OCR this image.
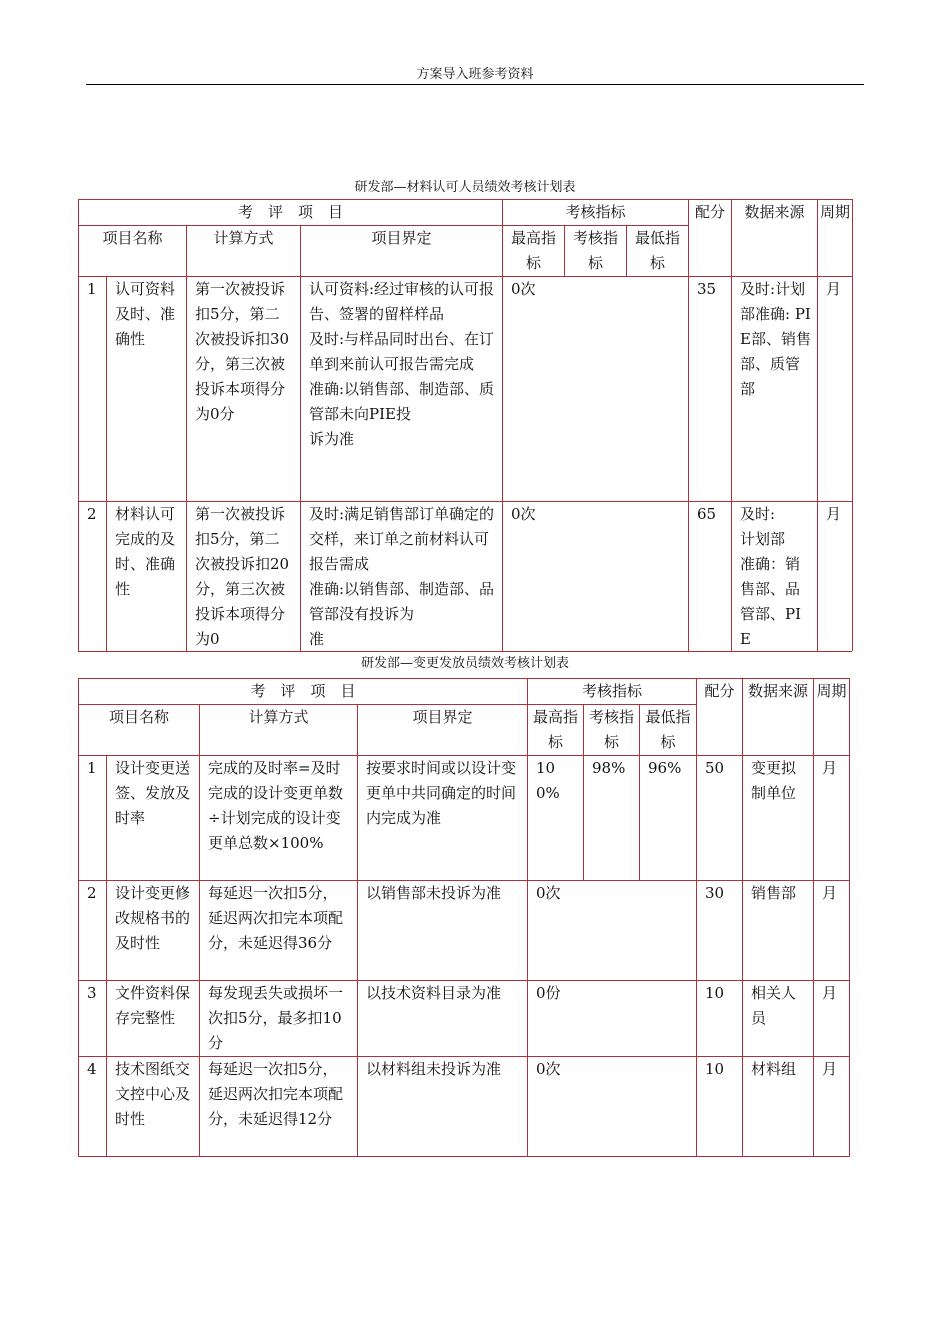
方案导入班参考资料
研发部—材料认可人员绩效考核计划表
考　评　项　目				考核指标			配分	数据来源	周期
项目名称		计算方式	项目界定	最高指标	考核指标	最低指标			
1	认可资料及时、准确性	第一次被投诉扣5分，第二次被投诉扣30分，第三次被投诉本项得分为0分	认可资料:经过审核的认可报告、签署的留样样品
及时:与样品同时出台、在订单到来前认可报告需完成
准确:以销售部、制造部、质管部未向PIE投
诉为准	0次			35	及时:计划部准确: PIE部、销售部、质管部	月
2	材料认可完成的及时、准确性	第一次被投诉扣5分，第二次被投诉扣20分，第三次被投诉本项得分为0	及时:满足销售部订单确定的交样，来订单之前材料认可报告需成
准确:以销售部、制造部、品管部没有投诉为
准	0次			65	及时:
计划部
准确：销售部、品管部、PIE	月
研发部—变更发放员绩效考核计划表
考　评　项　目				考核指标			配分	数据来源	周期
项目名称		计算方式	项目界定	最高指标	考核指标	最低指标			
1	设计变更送签、发放及时率	完成的及时率=及时完成的设计变更单数÷计划完成的设计变更单总数×100%	按要求时间或以设计变更单中共同确定的时间内完成为准	100%	98%	96%	50	变更拟制单位	月
2	设计变更修改规格书的及时性	每延迟一次扣5分，延迟两次扣完本项配分，未延迟得36分	以销售部未投诉为准	0次			30	销售部	月
3	文件资料保存完整性	每发现丢失或损坏一次扣5分，最多扣10分	以技术资料目录为准	0份			10	相关人员	月
4	技术图纸交文控中心及时性	每延迟一次扣5分，延迟两次扣完本项配分，未延迟得12分	以材料组未投诉为准	0次			10	材料组	月
